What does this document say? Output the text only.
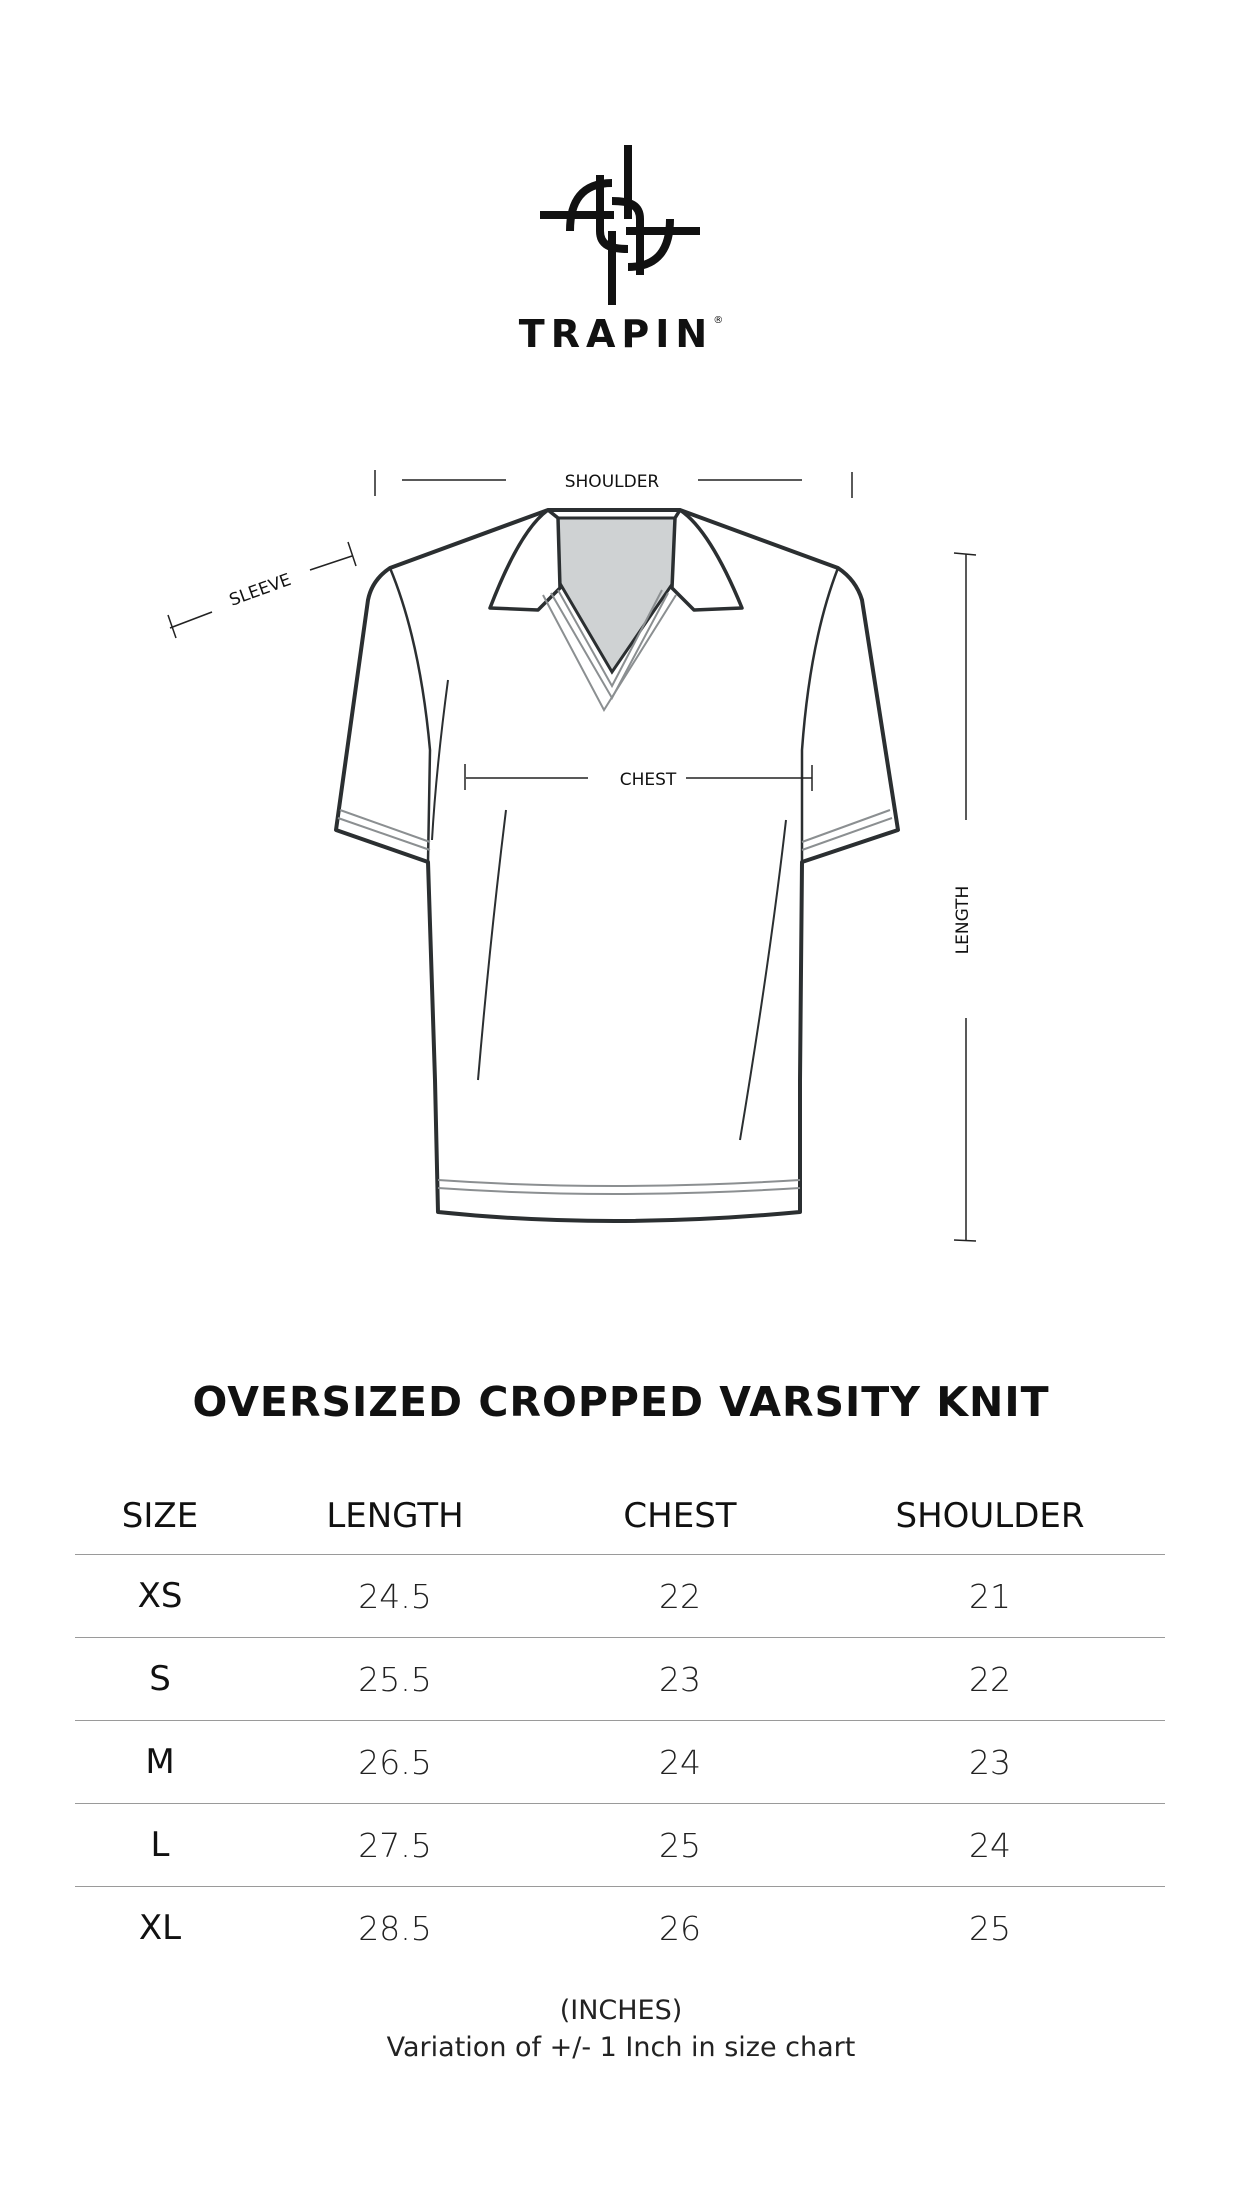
TRAPIN®
SHOULDER
SLEEVE
LENGTH
CHEST
OVERSIZED CROPPED VARSITY KNIT
SIZE	LENGTH	CHEST	SHOULDER
XS	24.5	22	21
S	25.5	23	22
M	26.5	24	23
L	27.5	25	24
XL	28.5	26	25
(INCHES)
Variation of +/- 1 Inch in size chart
